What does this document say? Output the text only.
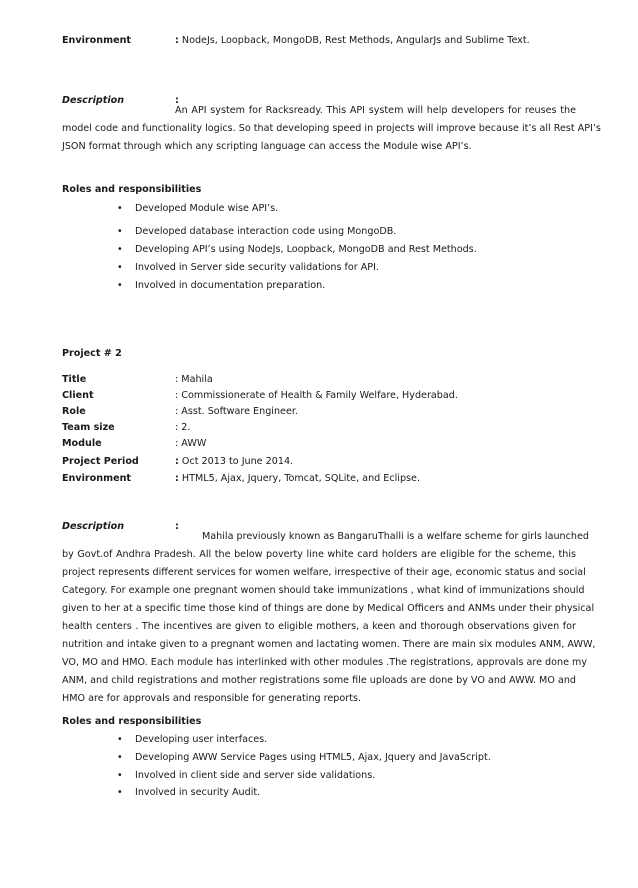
Environment	: NodeJs, Loopback, MongoDB, Rest Methods, AngularJs and Sublime Text.
Description	:
An API system for Racksready. This API system will help developers for reuses the
model code and functionality logics. So that developing speed in projects will improve because it’s all Rest API’s
JSON format through which any scripting language can access the Module wise API’s.
Roles and responsibilities
• Developed Module wise API’s.
• Developed database interaction code using MongoDB.
• Developing API’s using NodeJs, Loopback, MongoDB and Rest Methods.
• Involved in Server side security validations for API.
• Involved in documentation preparation.
Project # 2
Title	: Mahila
Client	: Commissionerate of Health & Family Welfare, Hyderabad.
Role	: Asst. Software Engineer.
Team size	: 2.
Module	: AWW
Project Period	: Oct 2013 to June 2014.
Environment	: HTML5, Ajax, Jquery, Tomcat, SQLite, and Eclipse.
Description	:
Mahila previously known as BangaruThalli is a welfare scheme for girls launched
by Govt.of Andhra Pradesh. All the below poverty line white card holders are eligible for the scheme, this
project represents different services for women welfare, irrespective of their age, economic status and social
Category. For example one pregnant women should take immunizations , what kind of immunizations should
given to her at a specific time those kind of things are done by Medical Officers and ANMs under their physical
health centers . The incentives are given to eligible mothers, a keen and thorough observations given for
nutrition and intake given to a pregnant women and lactating women. There are main six modules ANM, AWW,
VO, MO and HMO. Each module has interlinked with other modules .The registrations, approvals are done my
ANM, and child registrations and mother registrations some file uploads are done by VO and AWW. MO and
HMO are for approvals and responsible for generating reports.
Roles and responsibilities
• Developing user interfaces.
• Developing AWW Service Pages using HTML5, Ajax, Jquery and JavaScript.
• Involved in client side and server side validations.
• Involved in security Audit.
